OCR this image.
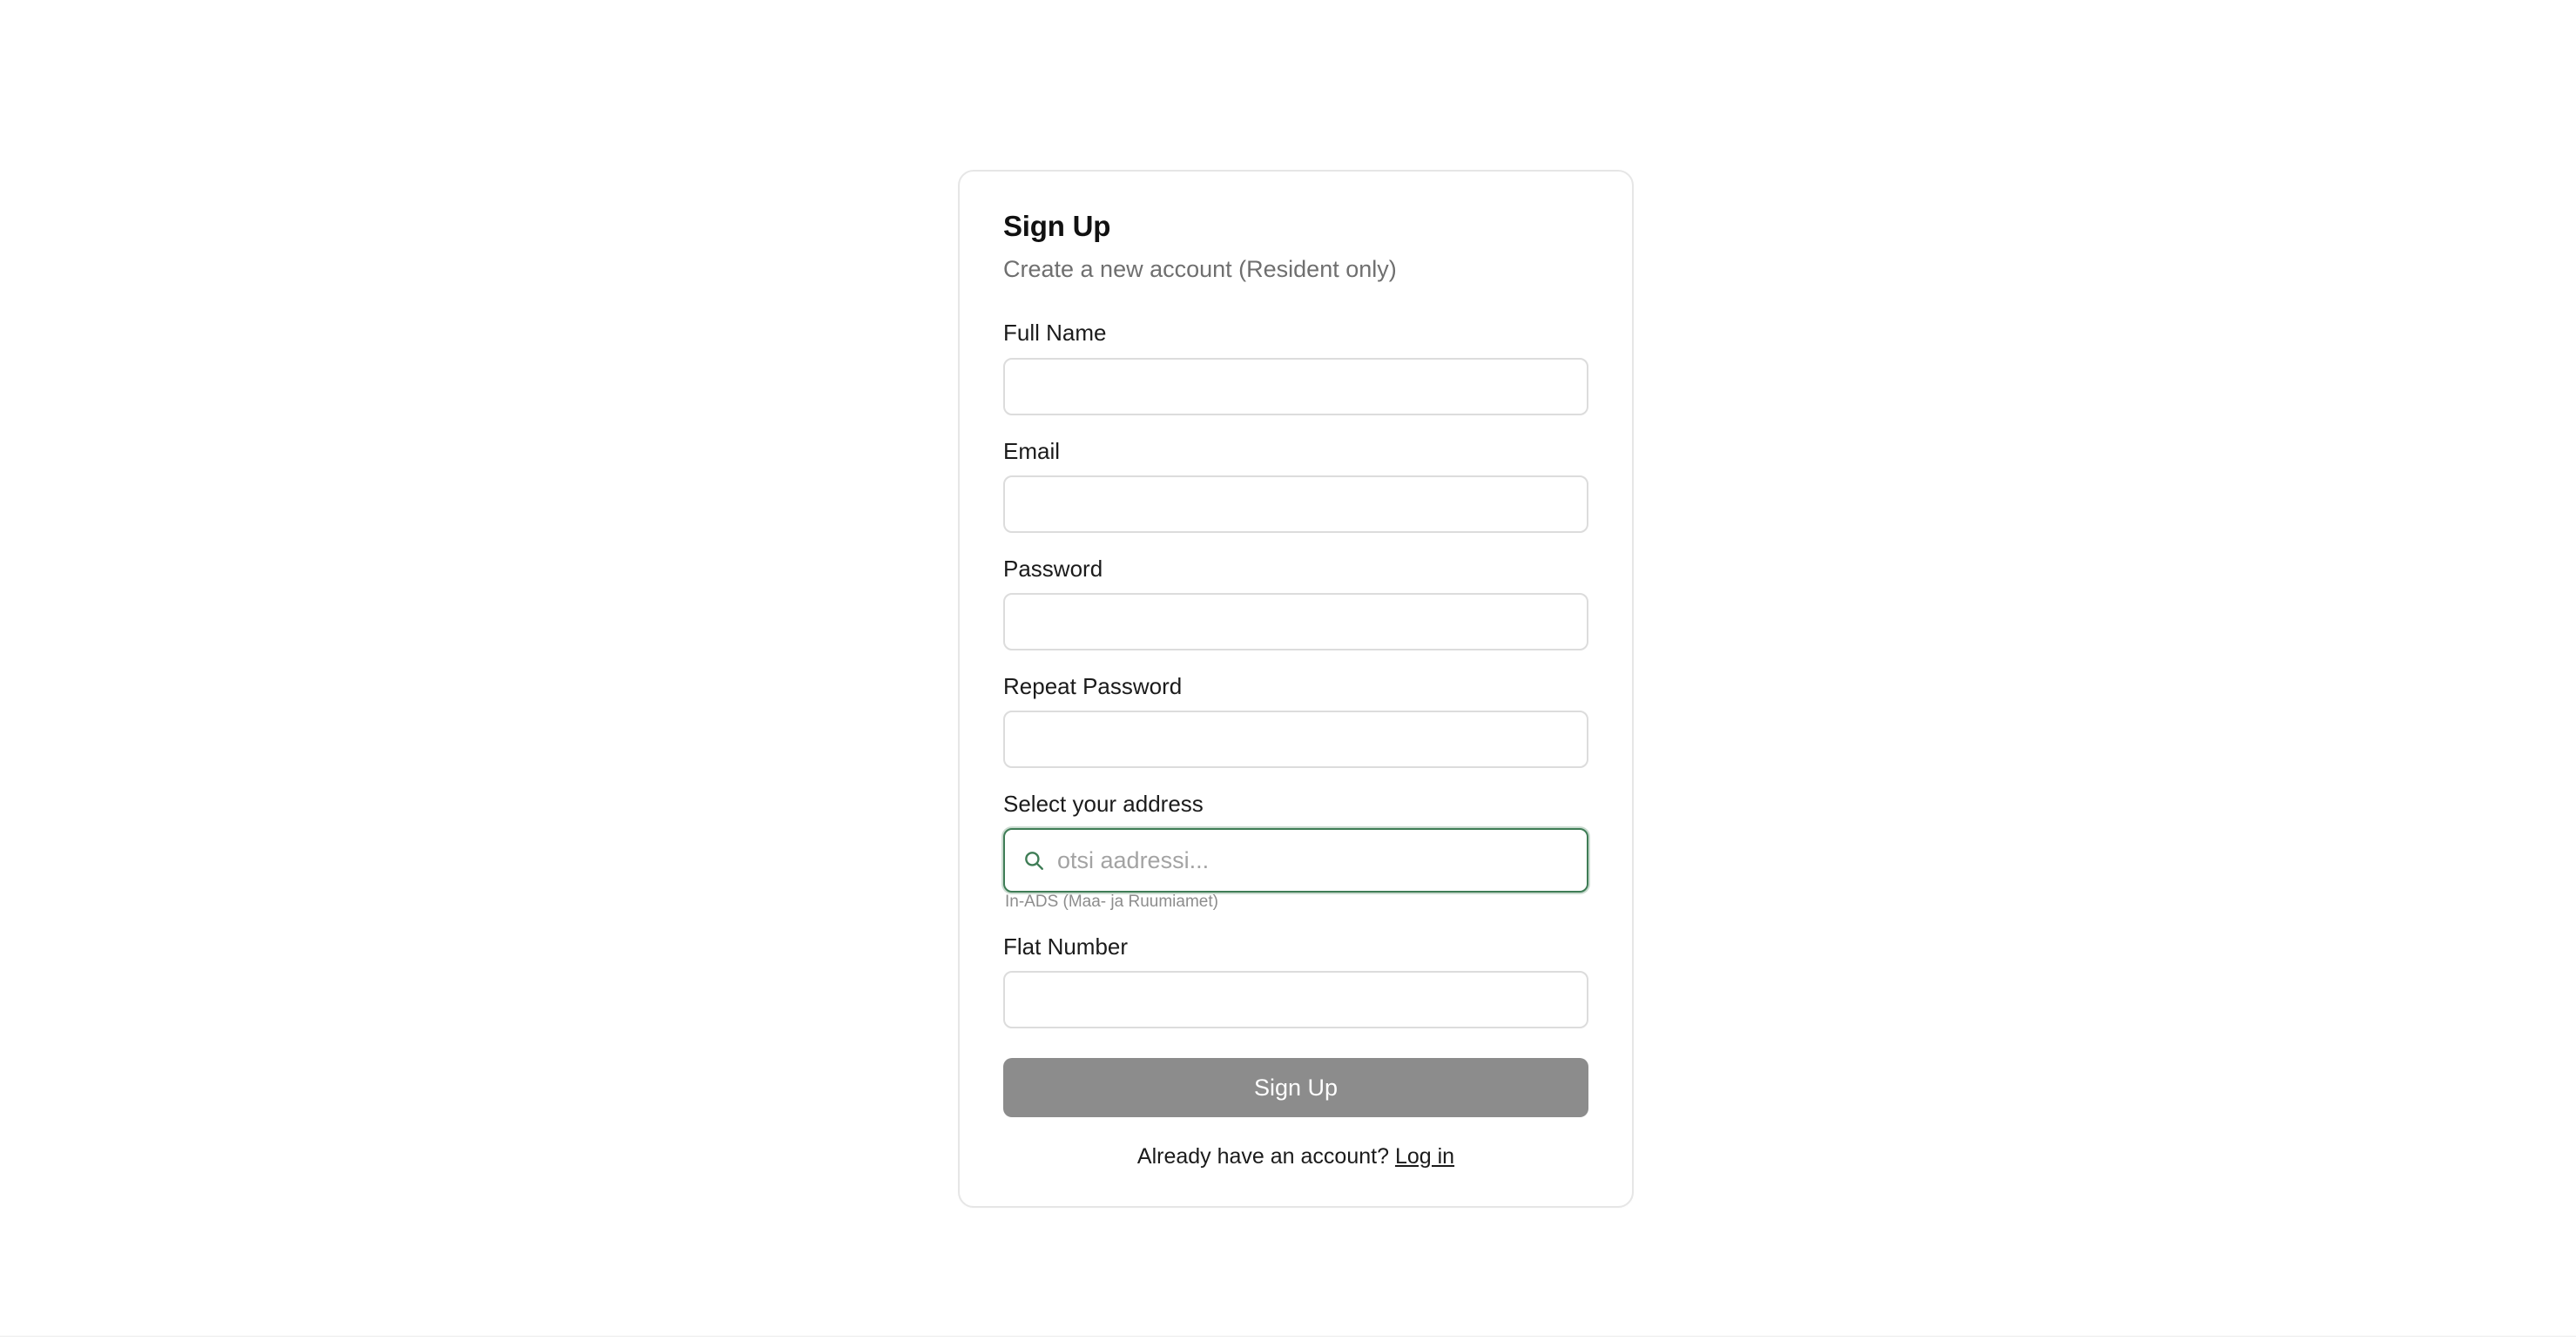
Sign Up

Create a new account (Resident only)

Full Name
Email
Password
Repeat Password
Select your address
otsi aadressi...
In-ADS (Maa- ja Ruumiamet)
Flat Number
Sign Up
Already have an account? Log in
